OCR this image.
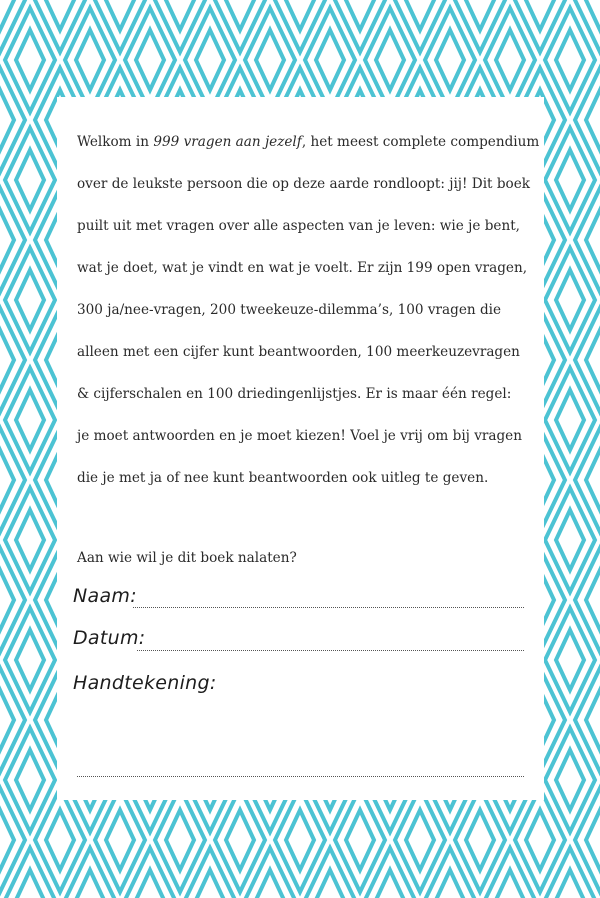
Welkom in 999 vragen aan jezelf, het meest complete compendium
over de leukste persoon die op deze aarde rondloopt: jij! Dit boek
puilt uit met vragen over alle aspecten van je leven: wie je bent,
wat je doet, wat je vindt en wat je voelt. Er zijn 199 open vragen,
300 ja/nee-vragen, 200 tweekeuze-dilemma’s, 100 vragen die
alleen met een cijfer kunt beantwoorden, 100 meerkeuzevragen
& cijferschalen en 100 driedingenlijstjes. Er is maar één regel:
je moet antwoorden en je moet kiezen! Voel je vrij om bij vragen
die je met ja of nee kunt beantwoorden ook uitleg te geven.

Aan wie wil je dit boek nalaten?
Naam:
Datum:
Handtekening:
